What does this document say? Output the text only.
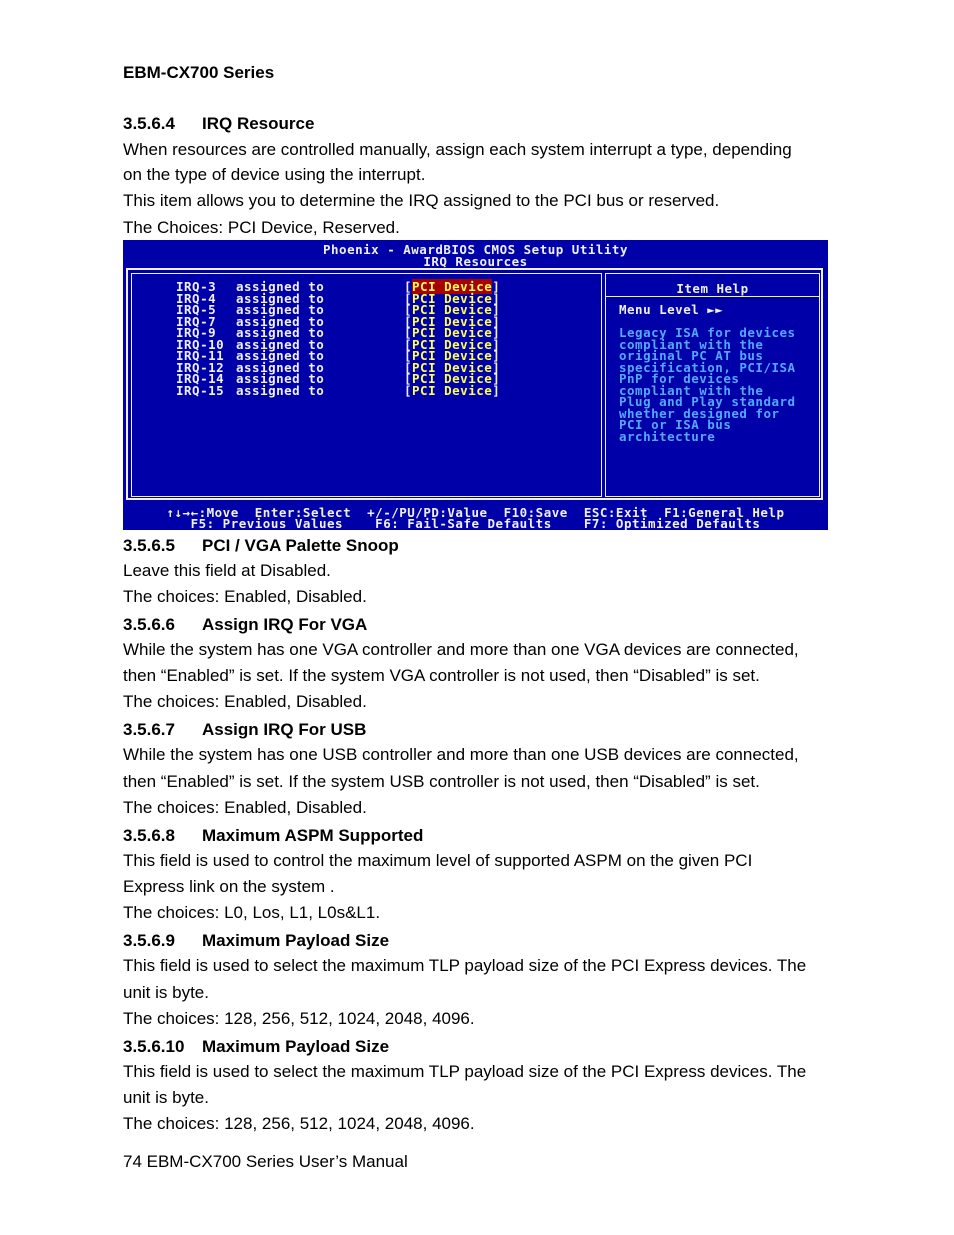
EBM-CX700 Series
3.5.6.4 IRQ Resource
When resources are controlled manually, assign each system interrupt a type, depending
on the type of device using the interrupt.
This item allows you to determine the IRQ assigned to the PCI bus or reserved.
The Choices: PCI Device, Reserved.
Phoenix - AwardBIOS CMOS Setup Utility
IRQ Resources
IRQ-3 assigned to	[PCI Device]
IRQ-4 assigned to	[PCI Device]
IRQ-5 assigned to	[PCI Device]
IRQ-7 assigned to	[PCI Device]
IRQ-9 assigned to	[PCI Device]
IRQ-10 assigned to	[PCI Device]
IRQ-11 assigned to	[PCI Device]
IRQ-12 assigned to	[PCI Device]
IRQ-14 assigned to	[PCI Device]
IRQ-15 assigned to	[PCI Device]
Item Help
Menu Level ►►
Legacy ISA for devices
compliant with the
original PC AT bus
specification, PCI/ISA
PnP for devices
compliant with the
Plug and Play standard
whether designed for
PCI or ISA bus
architecture
↑↓→←:Move  Enter:Select  +/-/PU/PD:Value  F10:Save  ESC:Exit  F1:General Help
F5: Previous Values    F6: Fail-Safe Defaults    F7: Optimized Defaults
3.5.6.5 PCI / VGA Palette Snoop
Leave this field at Disabled.
The choices: Enabled, Disabled.
3.5.6.6 Assign IRQ For VGA
While the system has one VGA controller and more than one VGA devices are connected,
then “Enabled” is set. If the system VGA controller is not used, then “Disabled” is set.
The choices: Enabled, Disabled.
3.5.6.7 Assign IRQ For USB
While the system has one USB controller and more than one USB devices are connected,
then “Enabled” is set. If the system USB controller is not used, then “Disabled” is set.
The choices: Enabled, Disabled.
3.5.6.8 Maximum ASPM Supported
This field is used to control the maximum level of supported ASPM on the given PCI
Express link on the system .
The choices: L0, Los, L1, L0s&L1.
3.5.6.9 Maximum Payload Size
This field is used to select the maximum TLP payload size of the PCI Express devices. The
unit is byte.
The choices: 128, 256, 512, 1024, 2048, 4096.
3.5.6.10 Maximum Payload Size
This field is used to select the maximum TLP payload size of the PCI Express devices. The
unit is byte.
The choices: 128, 256, 512, 1024, 2048, 4096.
74 EBM-CX700 Series User’s Manual
